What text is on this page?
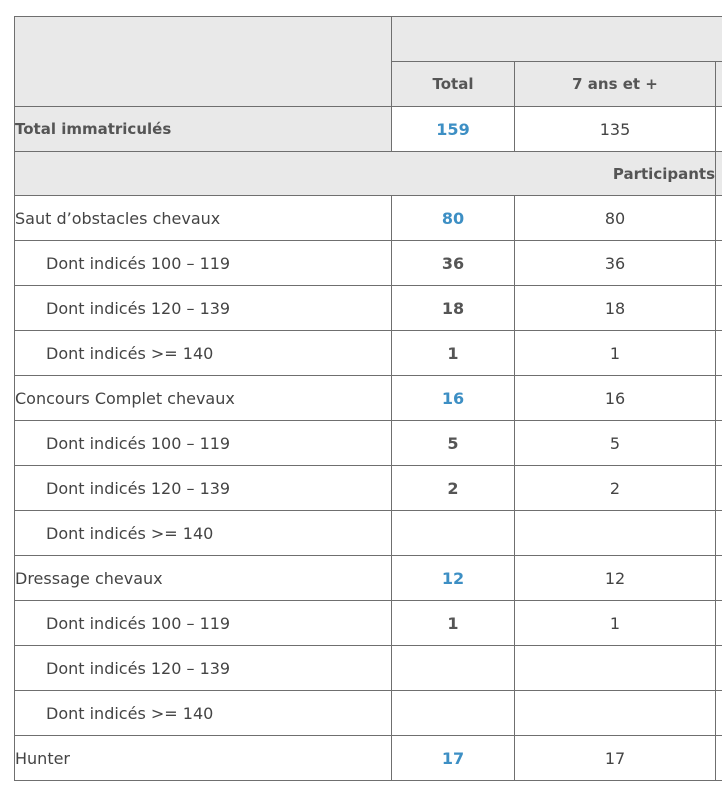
	Total	7 ans et +	
Total immatriculés	159	135	
Participants			
Saut d’obstacles chevaux	80	80	
Dont indicés 100 – 119	36	36	
Dont indicés 120 – 139	18	18	
Dont indicés >= 140	1	1	
Concours Complet chevaux	16	16	
Dont indicés 100 – 119	5	5	
Dont indicés 120 – 139	2	2	
Dont indicés >= 140			
Dressage chevaux	12	12	
Dont indicés 100 – 119	1	1	
Dont indicés 120 – 139			
Dont indicés >= 140			
Hunter	17	17	
